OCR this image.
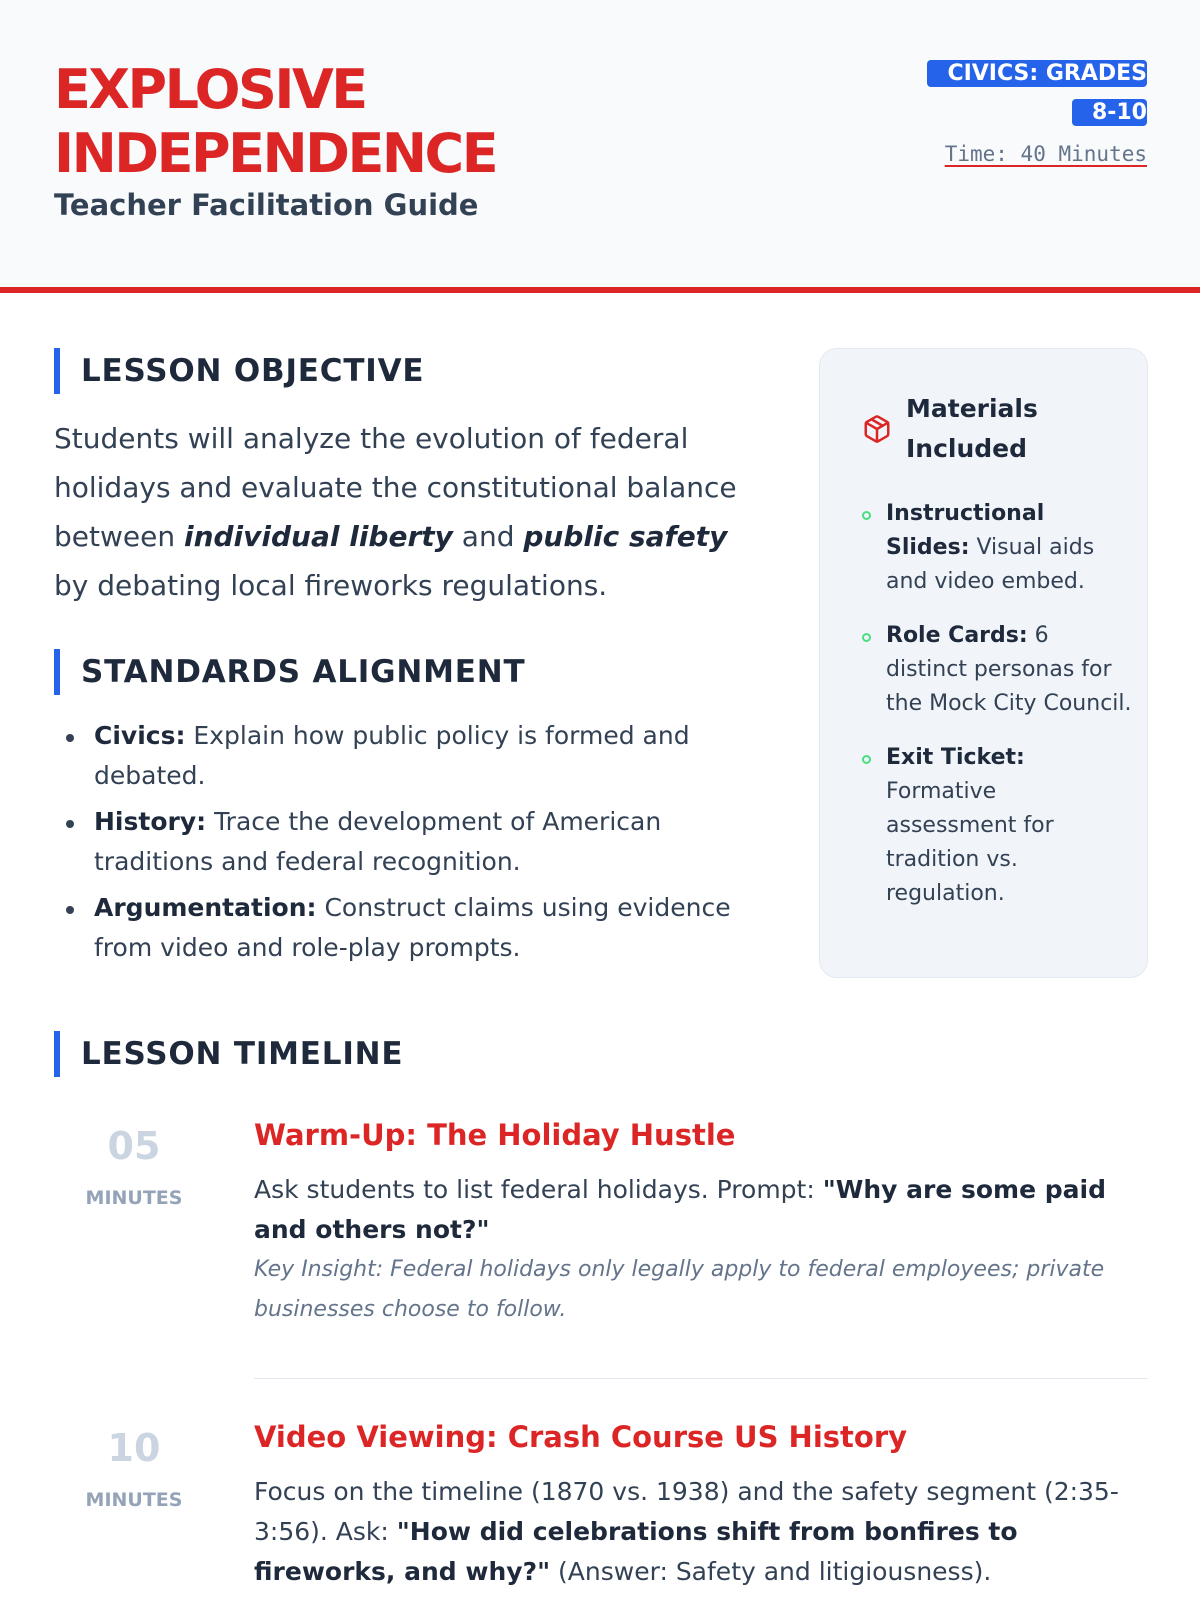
EXPLOSIVE
INDEPENDENCE
Teacher Facilitation Guide
CIVICS: GRADES 8-10
Time: 40 Minutes
LESSON OBJECTIVE

Students will analyze the evolution of federal holidays and evaluate the constitutional balance between individual liberty and public safety by debating local fireworks regulations.

STANDARDS ALIGNMENT
Civics: Explain how public policy is formed and debated.
History: Trace the development of American traditions and federal recognition.
Argumentation: Construct claims using evidence from video and role-play prompts.
Materials Included
Instructional Slides: Visual aids and video embed.
Role Cards: 6 distinct personas for the Mock City Council.
Exit Ticket: Formative assessment for tradition vs. regulation.
LESSON TIMELINE
05
MINUTES
Warm-Up: The Holiday Hustle
Ask students to list federal holidays. Prompt: "Why are some paid and others not?"
Key Insight: Federal holidays only legally apply to federal employees; private businesses choose to follow.
10
MINUTES
Video Viewing: Crash Course US History
Focus on the timeline (1870 vs. 1938) and the safety segment (2:35-3:56). Ask: "How did celebrations shift from bonfires to fireworks, and why?" (Answer: Safety and litigiousness).
